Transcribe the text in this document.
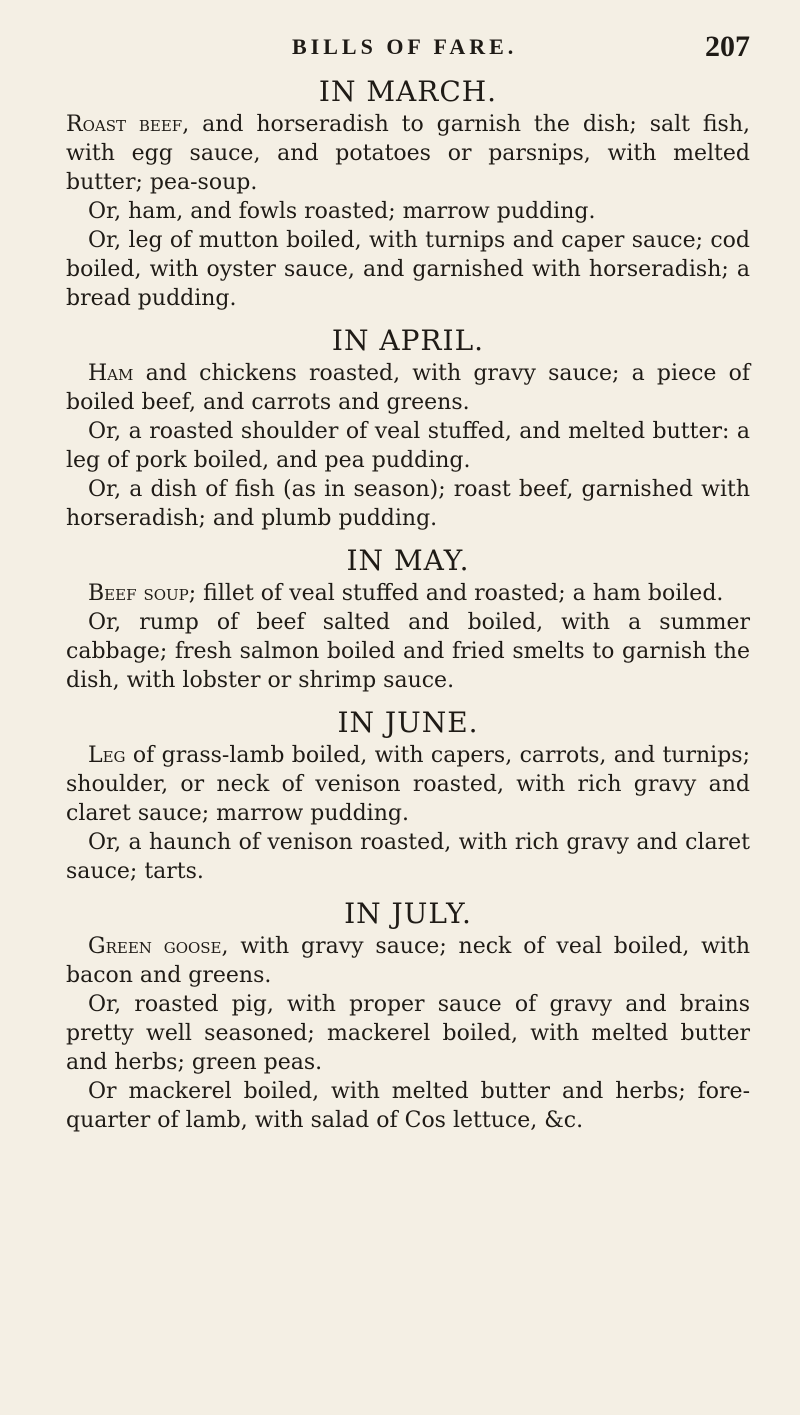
BILLS OF FARE.	207
IN MARCH.

Roast beef, and horseradish to garnish the dish; salt fish, with egg sauce, and potatoes or parsnips, with melted butter; pea-soup.

Or, ham, and fowls roasted; marrow pudding.

Or, leg of mutton boiled, with turnips and caper sauce; cod boiled, with oyster sauce, and garnished with horseradish; a bread pudding.

IN APRIL.

Ham and chickens roasted, with gravy sauce; a piece of boiled beef, and carrots and greens.

Or, a roasted shoulder of veal stuffed, and melted butter: a leg of pork boiled, and pea pudding.

Or, a dish of fish (as in season); roast beef, garnished with horseradish; and plumb pudding.

IN MAY.

Beef soup; fillet of veal stuffed and roasted; a ham boiled.

Or, rump of beef salted and boiled, with a summer cabbage; fresh salmon boiled and fried smelts to garnish the dish, with lobster or shrimp sauce.

IN JUNE.

Leg of grass-lamb boiled, with capers, carrots, and turnips; shoulder, or neck of venison roasted, with rich gravy and claret sauce; marrow pudding.

Or, a haunch of venison roasted, with rich gravy and claret sauce; tarts.

IN JULY.

Green goose, with gravy sauce; neck of veal boiled, with bacon and greens.

Or, roasted pig, with proper sauce of gravy and brains pretty well seasoned; mackerel boiled, with melted butter and herbs; green peas.

Or mackerel boiled, with melted butter and herbs; fore-quarter of lamb, with salad of Cos lettuce, &c.
